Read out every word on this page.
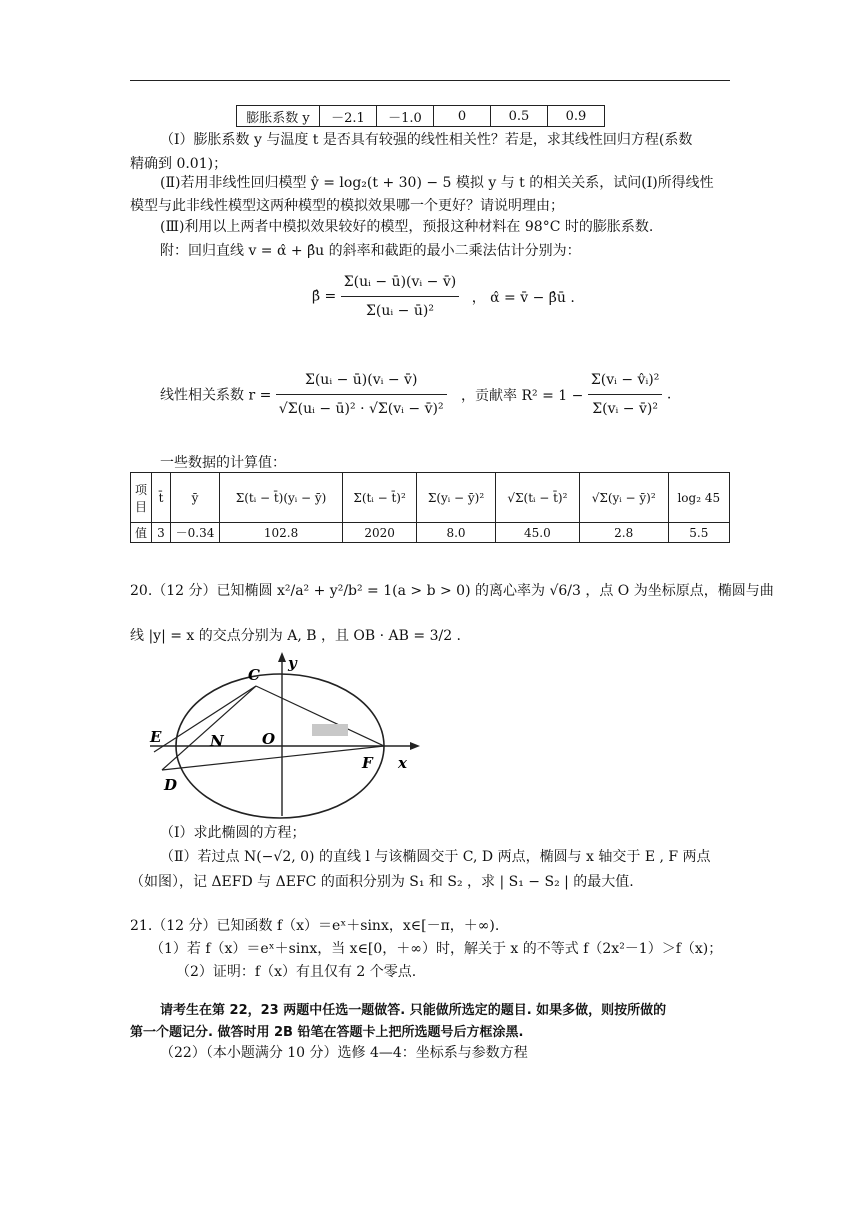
膨胀系数 y	－2.1	－1.0	0	0.5	0.9
（Ⅰ）膨胀系数 y 与温度 t 是否具有较强的线性相关性？若是，求其线性回归方程(系数
精确到 0.01)；
(Ⅱ)若用非线性回归模型 ŷ = log₂(t + 30) − 5 模拟 y 与 t 的相关关系，试问(Ⅰ)所得线性
模型与此非线性模型这两种模型的模拟效果哪一个更好？请说明理由；
(Ⅲ)利用以上两者中模拟效果较好的模型，预报这种材料在 98°C 时的膨胀系数.
附：回归直线 v = α̂ + β̂u 的斜率和截距的最小二乘法估计分别为：
β̂ = $\frac{\text{Σ(uᵢ − ū)(vᵢ − v̄)}}{\text{Σ(uᵢ − ū)²}}$ ， α̂ = v̄ − β̂ū .
线性相关系数 $r = \frac{\text{Σ(uᵢ − ū)(vᵢ − v̄)}}{\text{√Σ(uᵢ − ū)² · √Σ(vᵢ − v̄)²}}$ ，贡献率 $R^2 = 1 - \frac{\text{Σ(vᵢ − v̂ᵢ)²}}{\text{Σ(vᵢ − v̄)²}}$ .
一些数据的计算值：
项目	t̄	ȳ	Σ(tᵢ − t̄)(yᵢ − ȳ)	Σ(tᵢ − t̄)²	Σ(yᵢ − ȳ)²	√Σ(tᵢ − t̄)²	√Σ(yᵢ − ȳ)²	log₂ 45
值	3	－0.34	102.8	2020	8.0	45.0	2.8	5.5
20.（12 分）已知椭圆 x²/a² + y²/b² = 1(a > b > 0) 的离心率为 √6/3 ，点 O 为坐标原点，椭圆与曲
线 |y| = x 的交点分别为 A, B ，且 OB · AB = 3/2 .
C
y
E	N	O
D
F x
（Ⅰ）求此椭圆的方程；
（Ⅱ）若过点 N(−√2, 0) 的直线 l 与该椭圆交于 C, D 两点，椭圆与 x 轴交于 E , F 两点
（如图），记 ΔEFD 与 ΔEFC 的面积分别为 S₁ 和 S₂ ，求 | S₁ − S₂ | 的最大值.
21.（12 分）已知函数 f（x）＝eˣ＋sinx，x∈[－π，＋∞).
（1）若 f（x）＝eˣ＋sinx，当 x∈[0，＋∞）时，解关于 x 的不等式 f（2x²－1）＞f（x)；
（2）证明：f（x）有且仅有 2 个零点.
请考生在第 22，23 两题中任选一题做答. 只能做所选定的题目. 如果多做，则按所做的
第一个题记分. 做答时用 2B 铅笔在答题卡上把所选题号后方框涂黑.
（22）（本小题满分 10 分）选修 4—4：坐标系与参数方程
